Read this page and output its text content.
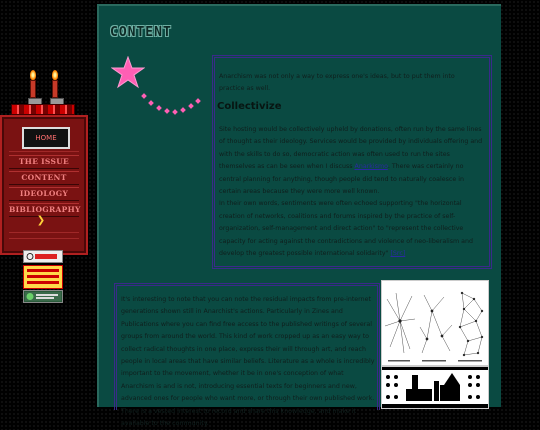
HOME
THE ISSUE
CONTENT
IDEOLOGY
BIBLIOGRAPHY
❯
CONTENT

Anarchism was not only a way to express one's ideas, but to put them into practice as well.

Collectivize

Site hosting would be collectively upheld by donations, often run by the same lines of thought as their ideology. Services would be provided by individuals offering and with the skills to do so, democratic action was often used to run the sites themselves as can be seen when I discuss Anarkismo. There was certainly no central planning for anything, though people did tend to naturally coalesce in certain areas because they were more well known.

In their own words, sentiments were often echoed supporting "the horizontal creation of networks, coalitions and forums inspired by the practice of self-organization, self-management and direct action" to "represent the collective capacity for acting against the contradictions and violence of neo-liberalism and develop the greatest possible international solidarity" [Src]

It's interesting to note that you can note the residual impacts from pre-internet generations shown still in Anarchist's actions. Particularly in Zines and Publications where you can find free access to the published writings of several groups from around the world. This kind of work cropped up as an easy way to collect radical thoughts in one place, express their will through art, and reach people in local areas that have similar beliefs. Literature as a whole is incredibly important to the movement, whether it be in one's conception of what Anarchism is and is not, introducing essential texts for beginners and new, advanced ones for people who want more, or through their own published work. There is a vested interest to record and share this knowledge, and make it available to the community.
